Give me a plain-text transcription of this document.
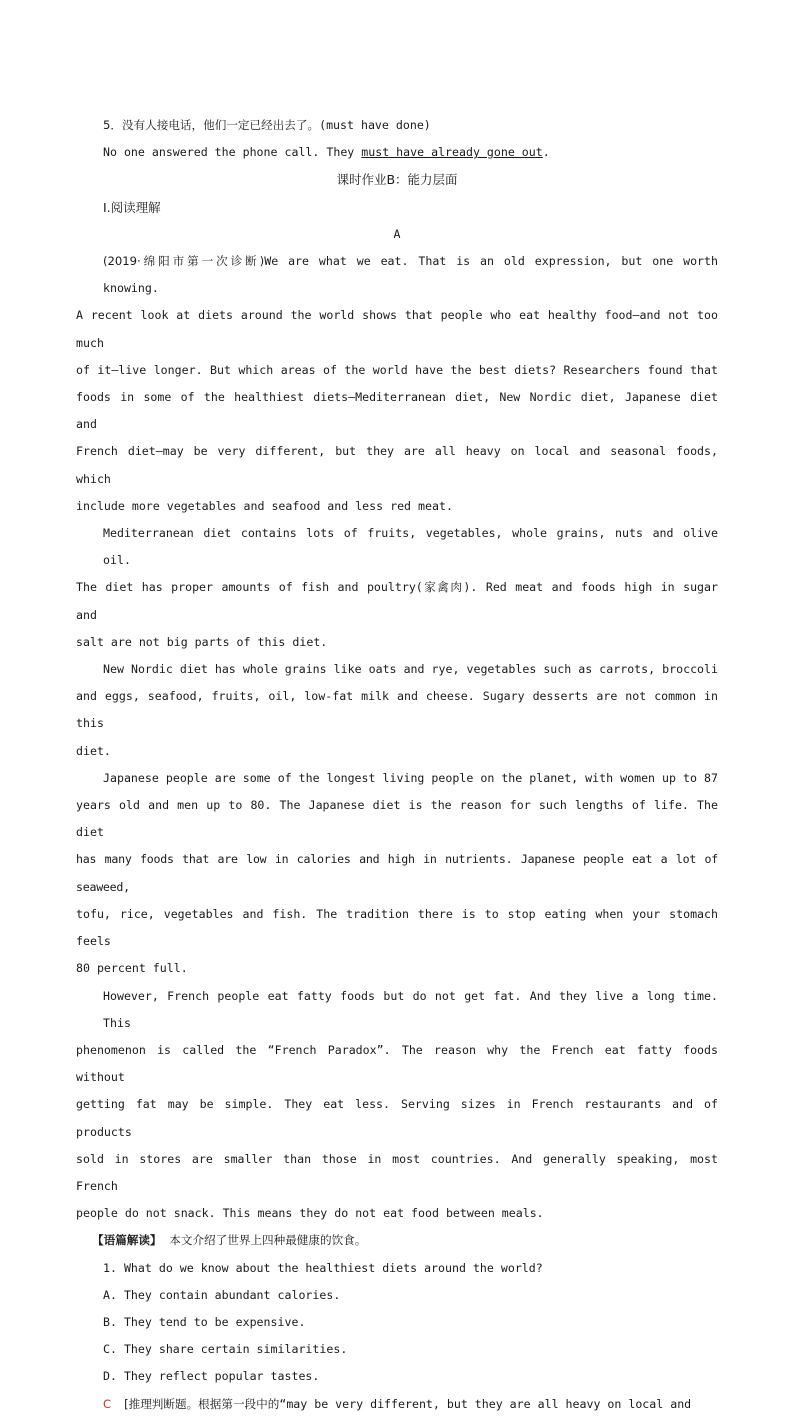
5．没有人接电话，他们一定已经出去了。(must have done)
No one answered the phone call. They must have already gone out.
课时作业B：能力层面
Ⅰ.阅读理解
A
(2019·绵阳市第一次诊断)We are what we eat. That is an old expression, but one worth knowing.
A recent look at diets around the world shows that people who eat healthy food—and not too much
of it—live longer. But which areas of the world have the best diets? Researchers found that
foods in some of the healthiest diets—Mediterranean diet, New Nordic diet, Japanese diet and
French diet—may be very different, but they are all heavy on local and seasonal foods, which
include more vegetables and seafood and less red meat.
Mediterranean diet contains lots of fruits, vegetables, whole grains, nuts and olive oil.
The diet has proper amounts of fish and poultry(家禽肉). Red meat and foods high in sugar and
salt are not big parts of this diet.
New Nordic diet has whole grains like oats and rye, vegetables such as carrots, broccoli
and eggs, seafood, fruits, oil, low-fat milk and cheese. Sugary desserts are not common in this
diet.
Japanese people are some of the longest living people on the planet, with women up to 87
years old and men up to 80. The Japanese diet is the reason for such lengths of life. The diet
has many foods that are low in calories and high in nutrients. Japanese people eat a lot of seaweed,
tofu, rice, vegetables and fish. The tradition there is to stop eating when your stomach feels
80 percent full.
However, French people eat fatty foods but do not get fat. And they live a long time. This
phenomenon is called the “French Paradox”. The reason why the French eat fatty foods without
getting fat may be simple. They eat less. Serving sizes in French restaurants and of products
sold in stores are smaller than those in most countries. And generally speaking, most French
people do not snack. This means they do not eat food between meals.
【语篇解读】 本文介绍了世界上四种最健康的饮食。
1. What do we know about the healthiest diets around the world?
A. They contain abundant calories.
B. They tend to be expensive.
C. They share certain similarities.
D. They reflect popular tastes.
C [推理判断题。根据第一段中的“may be very different, but they are all heavy on local and
